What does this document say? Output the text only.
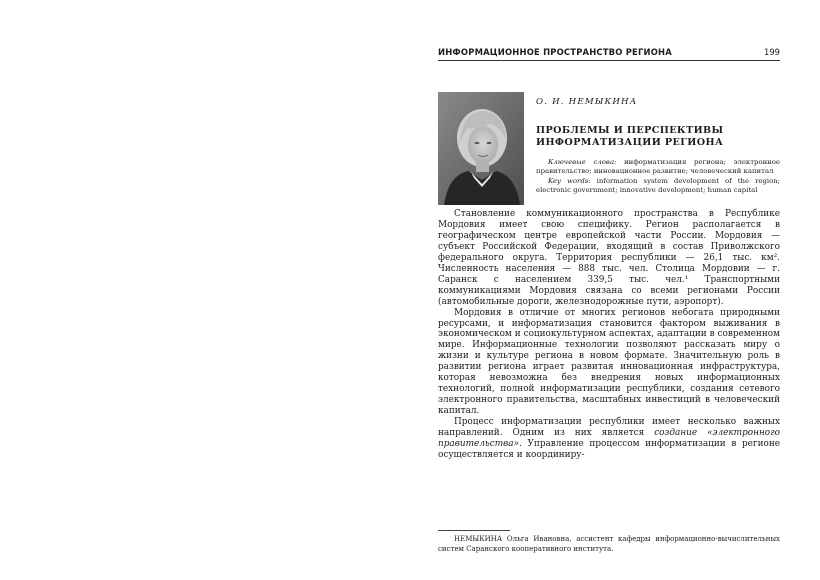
ИНФОРМАЦИОННОЕ ПРОСТРАНСТВО РЕГИОНА	199
О. И. НЕМЫКИНА
ПРОБЛЕМЫ И ПЕРСПЕКТИВЫ
ИНФОРМАТИЗАЦИИ РЕГИОНА

Ключевые слова: информатизация региона; электронное правительство; инновационное развитие; человеческий капитал

Key words: information system development of the region; electronic government; innovative development; human capital

Становление коммуникационного пространства в Республике Мордовия имеет свою специфику. Регион располагается в географическом центре европейской части России. Мордовия — субъект Российской Федерации, входящий в состав Приволжского федерального округа. Территория республики — 26,1 тыс. км². Численность населения — 888 тыс. чел. Столица Мордовии — г. Саранск с населением 339,5 тыс. чел.¹ Транспортными коммуникациями Мордовия связана со всеми регионами России (автомобильные дороги, железнодорожные пути, аэропорт).

Мордовия в отличие от многих регионов небогата природными ресурсами, и информатизация становится фактором выживания в экономическом и социокультурном аспектах, адаптации в современном мире. Информационные технологии позволяют рассказать миру о жизни и культуре региона в новом формате. Значительную роль в развитии региона играет развитая инновационная инфраструктура, которая невозможна без внедрения новых информационных технологий, полной информатизации республики, создания сетевого электронного правительства, масштабных инвестиций в человеческий капитал.

Процесс информатизации республики имеет несколько важных направлений. Одним из них является создание «электронного правительства». Управление процессом информатизации в регионе осуществляется и координиру-

НЕМЫКИНА Ольга Ивановна, ассистент кафедры информационно-вычислительных систем Саранского кооперативного института.
